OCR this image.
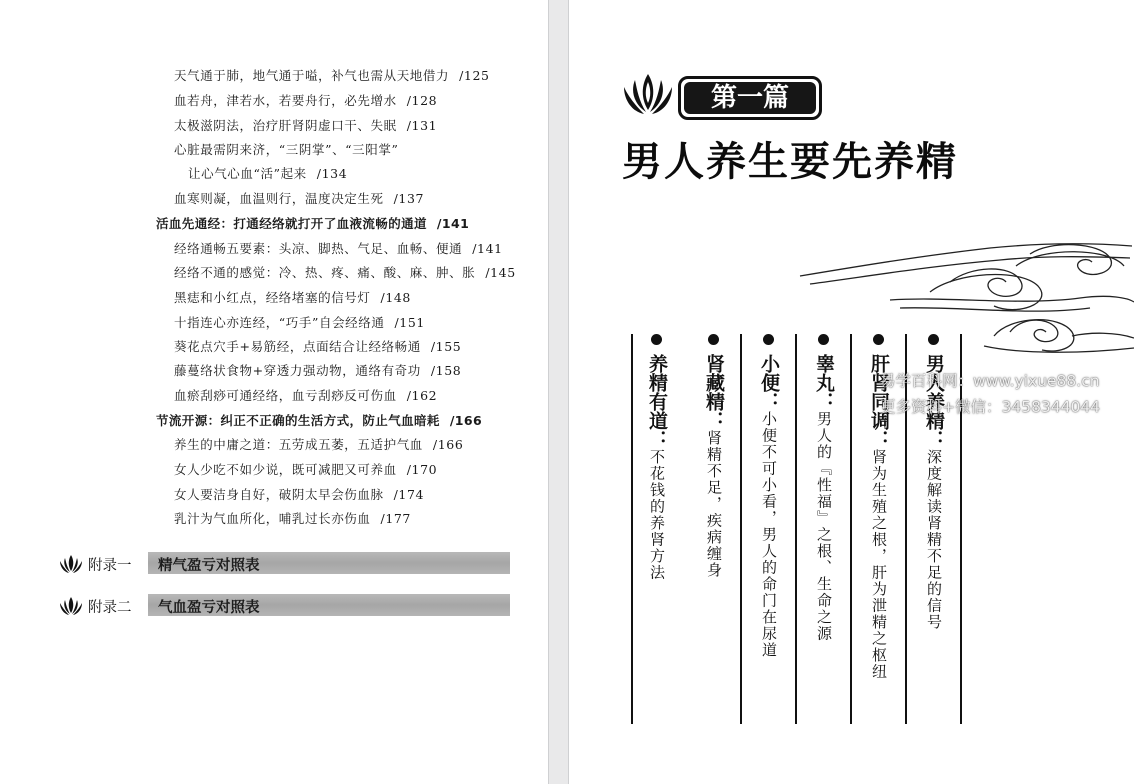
天气通于肺，地气通于嗌，补气也需从天地借力 /125
血若舟，津若水，若要舟行，必先增水 /128
太极滋阴法，治疗肝肾阴虚口干、失眠 /131
心脏最需阴来济，“三阴掌”、“三阳掌”
让心气心血“活”起来 /134
血寒则凝，血温则行，温度决定生死 /137
活血先通经：打通经络就打开了血液流畅的通道 /141
经络通畅五要素：头凉、脚热、气足、血畅、便通 /141
经络不通的感觉：冷、热、疼、痛、酸、麻、肿、胀 /145
黑痣和小红点，经络堵塞的信号灯 /148
十指连心亦连经，“巧手”自会经络通 /151
葵花点穴手+易筋经，点面结合让经络畅通 /155
藤蔓络状食物+穿透力强动物，通络有奇功 /158
血瘀刮痧可通经络，血亏刮痧反可伤血 /162
节流开源：纠正不正确的生活方式，防止气血暗耗 /166
养生的中庸之道：五劳成五萎，五适护气血 /166
女人少吃不如少说，既可减肥又可养血 /170
女人要洁身自好，破阴太早会伤血脉 /174
乳汁为气血所化，哺乳过长亦伤血 /177
附录一 精气盈亏对照表
附录二 气血盈亏对照表
第一篇
男人养生要先养精
男人养精：深度解读肾精不足的信号
肝肾同调：肾为生殖之根，肝为泄精之枢纽
睾丸：男人的『性福』之根、生命之源
小便：小便不可小看，男人的命门在尿道
肾藏精：肾精不足，疾病缠身
养精有道：不花钱的养肾方法
易学百科网：www.yixue88.cn
更多资料+微信：3458344044
